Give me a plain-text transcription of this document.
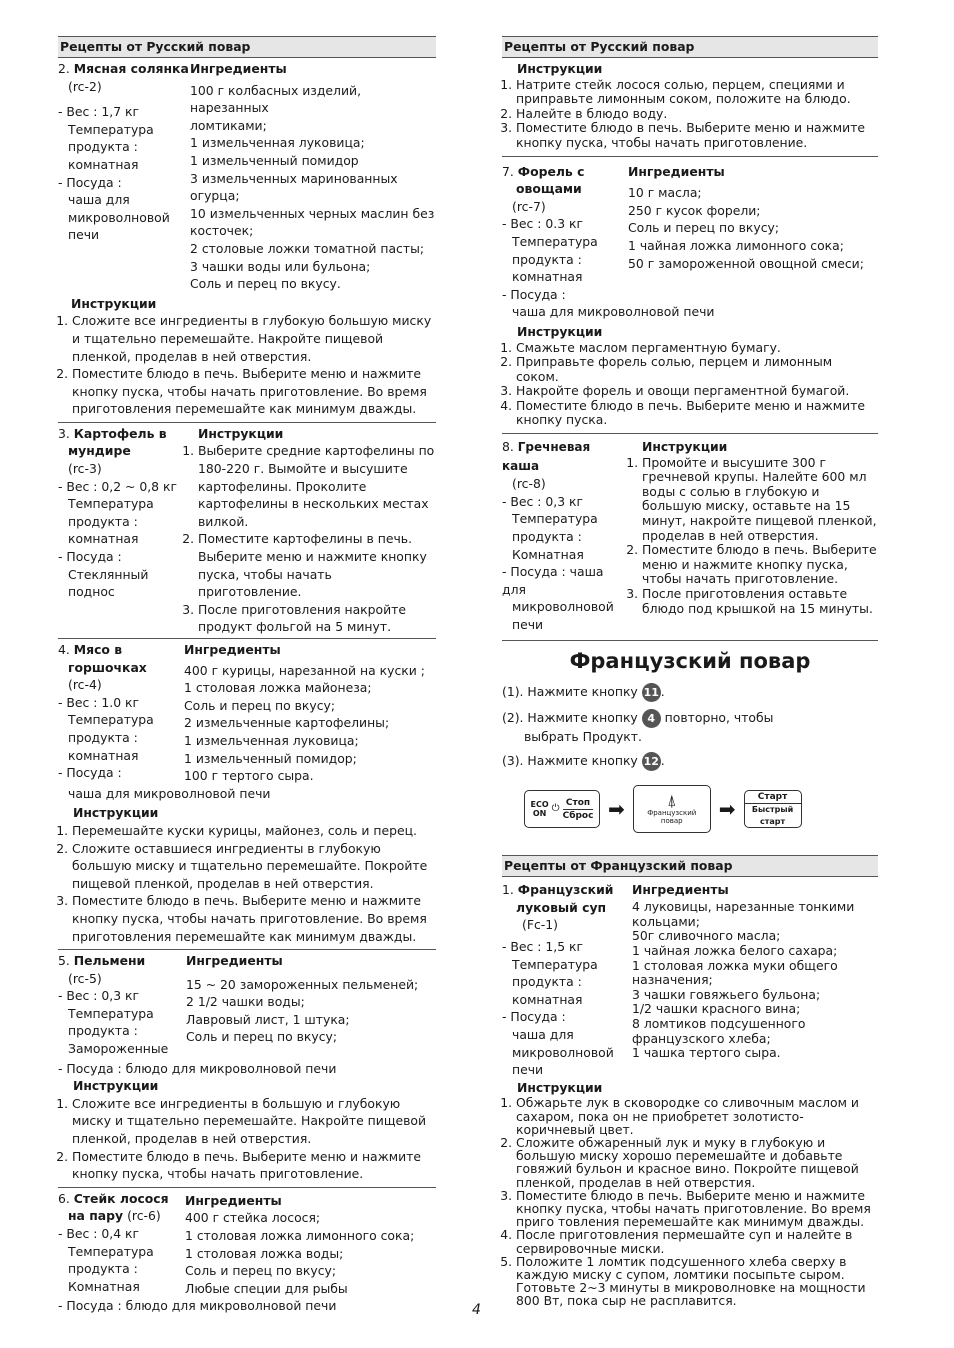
Рецепты от Русский повар
2. Мясная солянка
(rc-2)
- Вес : 1,7 кг
Температура
продукта :
комнатная
- Посуда :
чаша для
микроволновой
печи
Ингредиенты
100 г колбасных изделий, нарезанных
ломтиками;
1 измельченная луковица;
1 измельченный помидор
3 измельченных маринованных огурца;
10 измельченных черных маслин без
косточек;
2 столовые ложки томатной пасты;
3 чашки воды или бульона;
Соль и перец по вкусу.
Инструкции
1. Сложите все ингредиенты в глубокую большую миску и тщательно перемешайте. Накройте пищевой пленкой, проделав в ней отверстия.
2. Поместите блюдо в печь. Выберите меню и нажмите кнопку пуска, чтобы начать приготовление. Во время приготовления перемешайте как минимум дважды.
3. Картофель в
мундире
(rc-3)
- Вес : 0,2 ~ 0,8 кг
Температура
продукта :
комнатная
- Посуда :
Стеклянный
поднос
Инструкции
1. Выберите средние картофелины по 180-220 г. Вымойте и высушите картофелины. Проколите картофелины в нескольких местах вилкой.
2. Поместите картофелины в печь. Выберите меню и нажмите кнопку пуска, чтобы начать приготовление.
3. После приготовления накройте продукт фольгой на 5 минут.
4. Мясо в
горшочках
(rc-4)
- Вес : 1.0 кг
Температура
продукта :
комнатная
- Посуда :
Ингредиенты
400 г курицы, нарезанной на куски ;
1 столовая ложка майонеза;
Соль и перец по вкусу;
2 измельченные картофелины;
1 измельченная луковица;
1 измельченный помидор;
100 г тертого сыра.
чаша для микроволновой печи
Инструкции
1. Перемешайте куски курицы, майонез, соль и перец.
2. Сложите оставшиеся ингредиенты в глубокую большую миску и тщательно перемешайте. Покройте пищевой пленкой, проделав в ней отверстия.
3. Поместите блюдо в печь. Выберите меню и нажмите кнопку пуска, чтобы начать приготовление. Во время приготовления перемешайте как минимум дважды.
5. Пельмени
(rc-5)
- Вес : 0,3 кг
Температура
продукта :
Замороженные
Ингредиенты
15 ~ 20 замороженных пельменей;
2 1/2 чашки воды;
Лавровый лист, 1 штука;
Соль и перец по вкусу;
- Посуда : блюдо для микроволновой печи
Инструкции
1. Сложите все ингредиенты в большую и глубокую миску и тщательно перемешайте. Накройте пищевой пленкой, проделав в ней отверстия.
2. Поместите блюдо в печь. Выберите меню и нажмите кнопку пуска, чтобы начать приготовление.
6. Стейк лосося
на пару (rc-6)
- Вес : 0,4 кг
Температура
продукта :
Комнатная
Ингредиенты
400 г стейка лосося;
1 столовая ложка лимонного сока;
1 столовая ложка воды;
Соль и перец по вкусу;
Любые специи для рыбы
- Посуда : блюдо для микроволновой печи
Рецепты от Русский повар
Инструкции
1. Натрите стейк лосося солью, перцем, специями и приправьте лимонным соком, положите на блюдо.
2. Налейте в блюдо воду.
3. Поместите блюдо в печь. Выберите меню и нажмите кнопку пуска, чтобы начать приготовление.
7. Форель с
овощами
(rc-7)
- Вес : 0.3 кг
Температура
продукта :
комнатная
- Посуда :
Ингредиенты
10 г масла;
250 г кусок форели;
Соль и перец по вкусу;
1 чайная ложка лимонного сока;
50 г замороженной овощной смеси;
чаша для микроволновой печи
Инструкции
1. Смажьте маслом пергаментную бумагу.
2. Приправьте форель солью, перцем и лимонным соком.
3. Накройте форель и овощи пергаментной бумагой.
4. Поместите блюдо в печь. Выберите меню и нажмите кнопку пуска.
8. Гречневая каша
(rc-8)
- Вес : 0,3 кг
Температура
продукта :
Комнатная
- Посуда : чаша для
микроволновой
печи
Инструкции
1. Промойте и высушите 300 г гречневой крупы. Налейте 600 мл воды с солью в глубокую и большую миску, оставьте на 15 минут, накройте пищевой пленкой, проделав в ней отверстия.
2. Поместите блюдо в печь. Выберите меню и нажмите кнопку пуска, чтобы начать приготовление.
3. После приготовления оставьте блюдо под крышкой на 15 минуты.
Французский повар
(1). Нажмите кнопку 11 .
(2). Нажмите кнопку 4 повторно, чтобы
выбрать Продукт.
(3). Нажмите кнопку 12 .
ECO
ON ⏻
Стоп
Сброс ➡	⍋
Французский
повар	➡
Старт
Быстрый старт
Рецепты от Французский повар
1. Французский
луковый суп
(Fc-1)
- Вес : 1,5 кг
Температура
продукта :
комнатная
- Посуда :
чаша для
микроволновой
печи
Ингредиенты
4 луковицы, нарезанные тонкими
кольцами;
50г сливочного масла;
1 чайная ложка белого сахара;
1 столовая ложка муки общего
назначения;
3 чашки говяжьего бульона;
1/2 чашки красного вина;
8 ломтиков подсушенного
французского хлеба;
1 чашка тертого сыра.
Инструкции
1. Обжарьте лук в сковородке со сливочным маслом и сахаром, пока он не приобретет золотисто-коричневый цвет.
2. Сложите обжаренный лук и муку в глубокую и большую миску хорошо перемешайте и добавьте говяжий бульон и красное вино. Покройте пищевой пленкой, проделав в ней отверстия.
3. Поместите блюдо в печь. Выберите меню и нажмите кнопку пуска, чтобы начать приготовление. Во время приго товления перемешайте как минимум дважды.
4. После приготовления пермешайте суп и налейте в сервировочные миски.
5. Положите 1 ломтик подсушенного хлеба сверху в каждую миску с супом, ломтики посыпьте сыром. Готовьте 2~3 минуты в микроволновке на мощности 800 Вт, пока сыр не расплавится.
4
